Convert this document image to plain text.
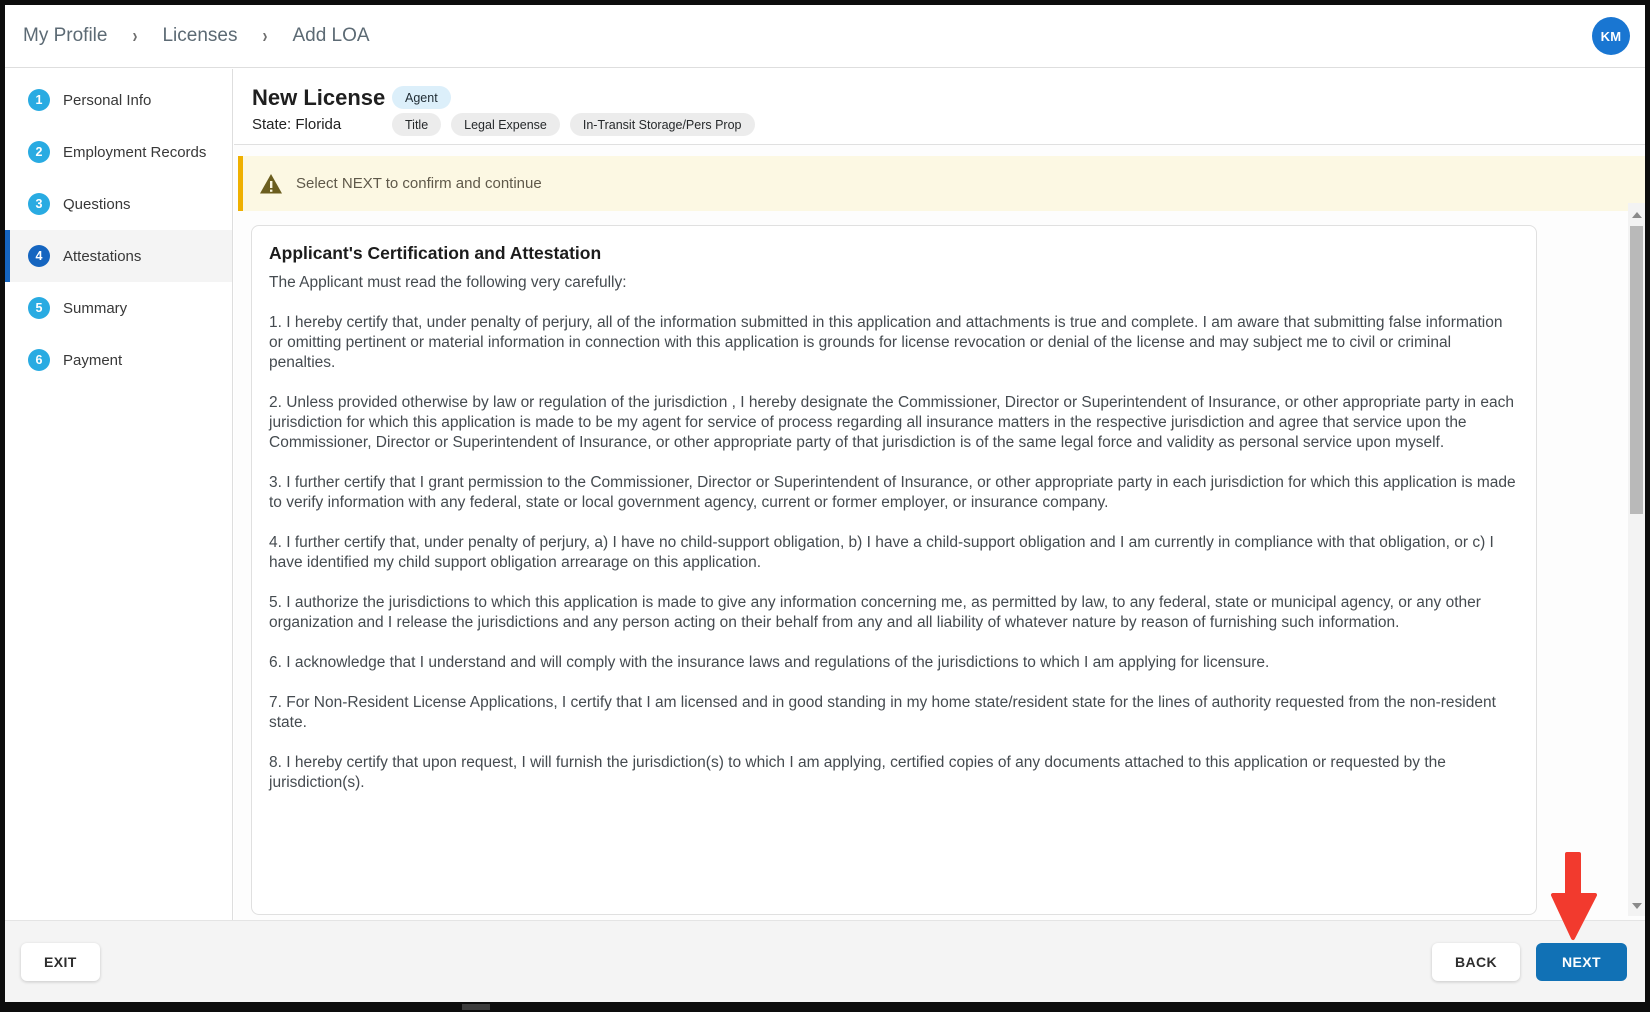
My Profile › Licenses › Add LOA	KM
1	Personal Info
2	Employment Records
3	Questions
4	Attestations
5	Summary
6	Payment
New License	Agent
State: Florida	Title	Legal Expense	In-Transit Storage/Pers Prop
Select NEXT to confirm and continue
Applicant's Certification and Attestation
The Applicant must read the following very carefully:

1. I hereby certify that, under penalty of perjury, all of the information submitted in this application and attachments is true and complete. I am aware that submitting false information or omitting pertinent or material information in connection with this application is grounds for license revocation or denial of the license and may subject me to civil or criminal penalties.

2. Unless provided otherwise by law or regulation of the jurisdiction , I hereby designate the Commissioner, Director or Superintendent of Insurance, or other appropriate party in each jurisdiction for which this application is made to be my agent for service of process regarding all insurance matters in the respective jurisdiction and agree that service upon the Commissioner, Director or Superintendent of Insurance, or other appropriate party of that jurisdiction is of the same legal force and validity as personal service upon myself.

3. I further certify that I grant permission to the Commissioner, Director or Superintendent of Insurance, or other appropriate party in each jurisdiction for which this application is made to verify information with any federal, state or local government agency, current or former employer, or insurance company.

4. I further certify that, under penalty of perjury, a) I have no child-support obligation, b) I have a child-support obligation and I am currently in compliance with that obligation, or c) I have identified my child support obligation arrearage on this application.

5. I authorize the jurisdictions to which this application is made to give any information concerning me, as permitted by law, to any federal, state or municipal agency, or any other organization and I release the jurisdictions and any person acting on their behalf from any and all liability of whatever nature by reason of furnishing such information.

6. I acknowledge that I understand and will comply with the insurance laws and regulations of the jurisdictions to which I am applying for licensure.

7. For Non-Resident License Applications, I certify that I am licensed and in good standing in my home state/resident state for the lines of authority requested from the non-resident state.

8. I hereby certify that upon request, I will furnish the jurisdiction(s) to which I am applying, certified copies of any documents attached to this application or requested by the jurisdiction(s).

EXIT	BACK	NEXT
